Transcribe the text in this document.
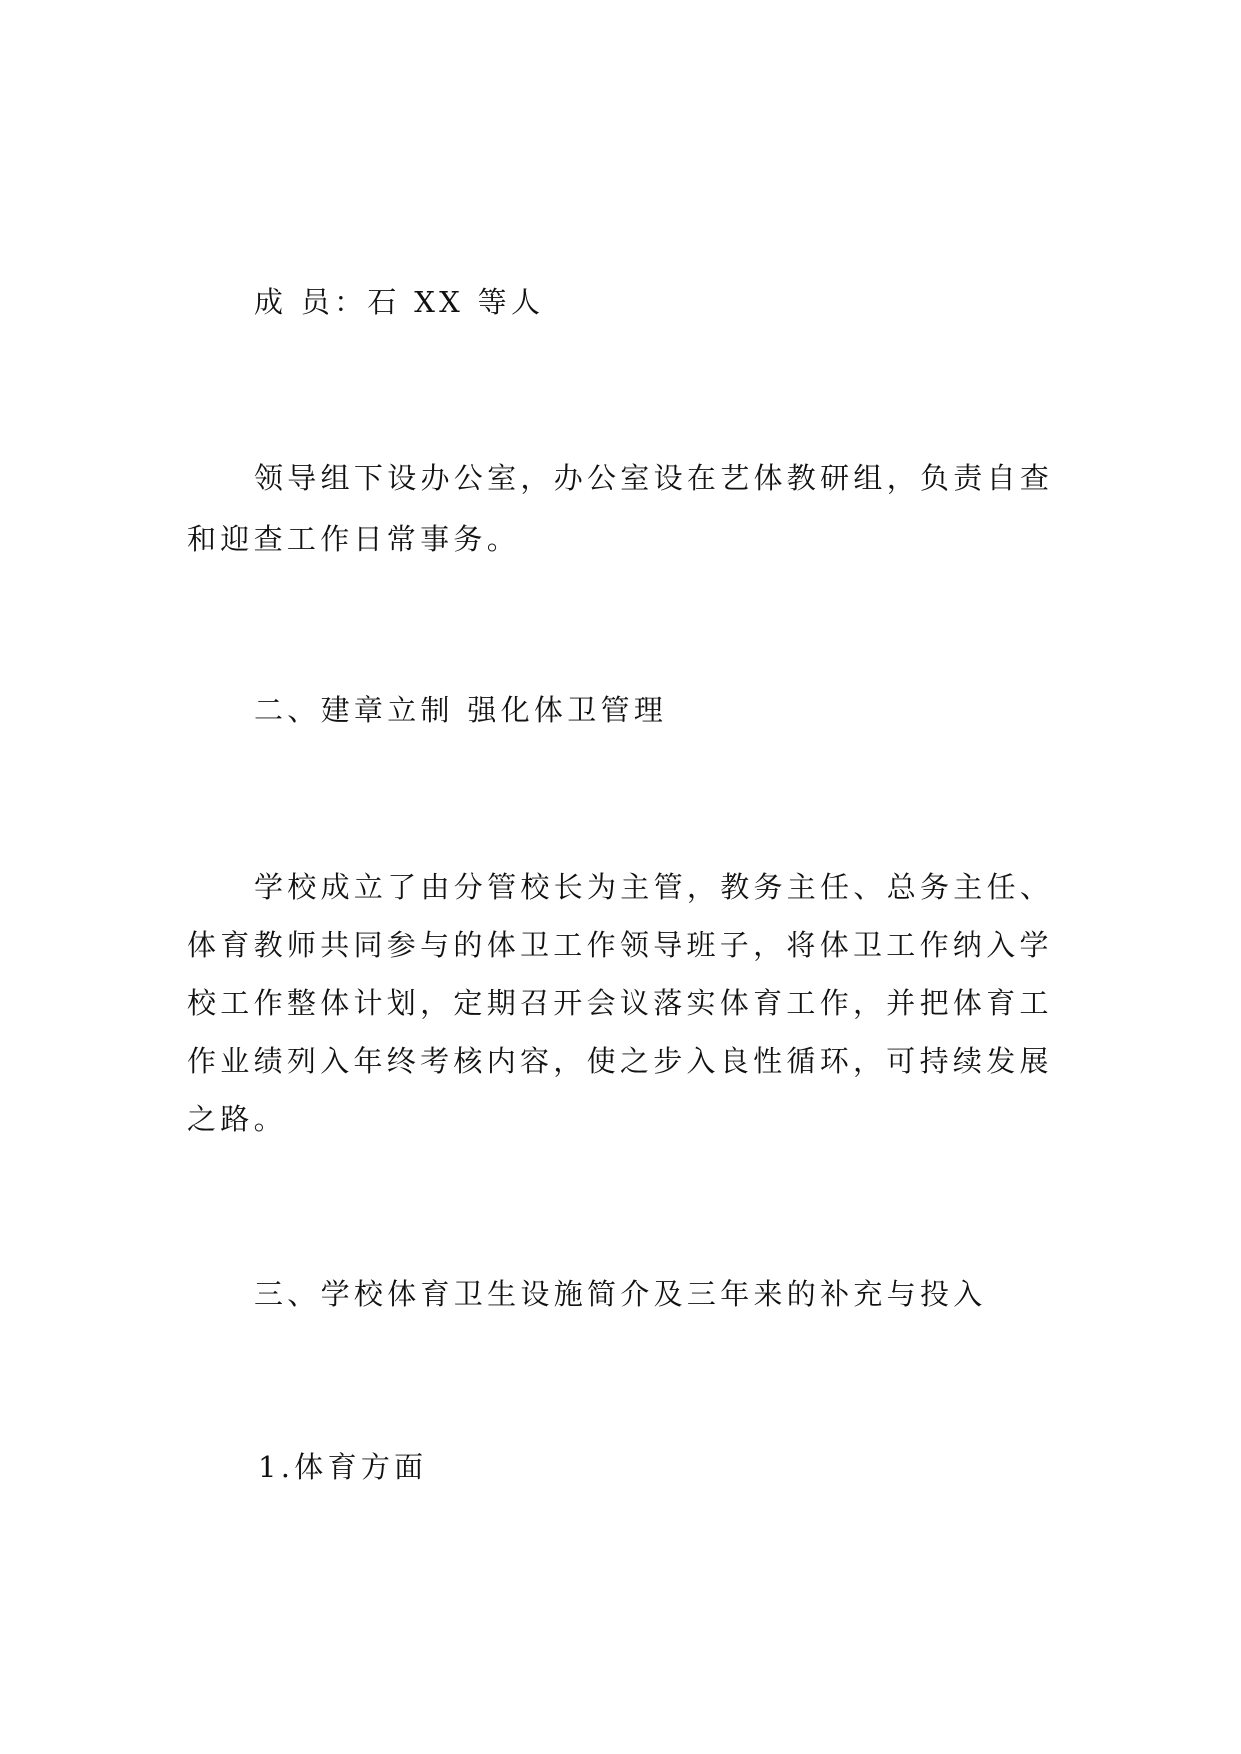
成 员：石 XX 等人
领导组下设办公室，办公室设在艺体教研组，负责自查
和迎查工作日常事务。
二、建章立制 强化体卫管理
学校成立了由分管校长为主管，教务主任、总务主任、
体育教师共同参与的体卫工作领导班子，将体卫工作纳入学
校工作整体计划，定期召开会议落实体育工作，并把体育工
作业绩列入年终考核内容，使之步入良性循环，可持续发展
之路。
三、学校体育卫生设施简介及三年来的补充与投入
1.体育方面
